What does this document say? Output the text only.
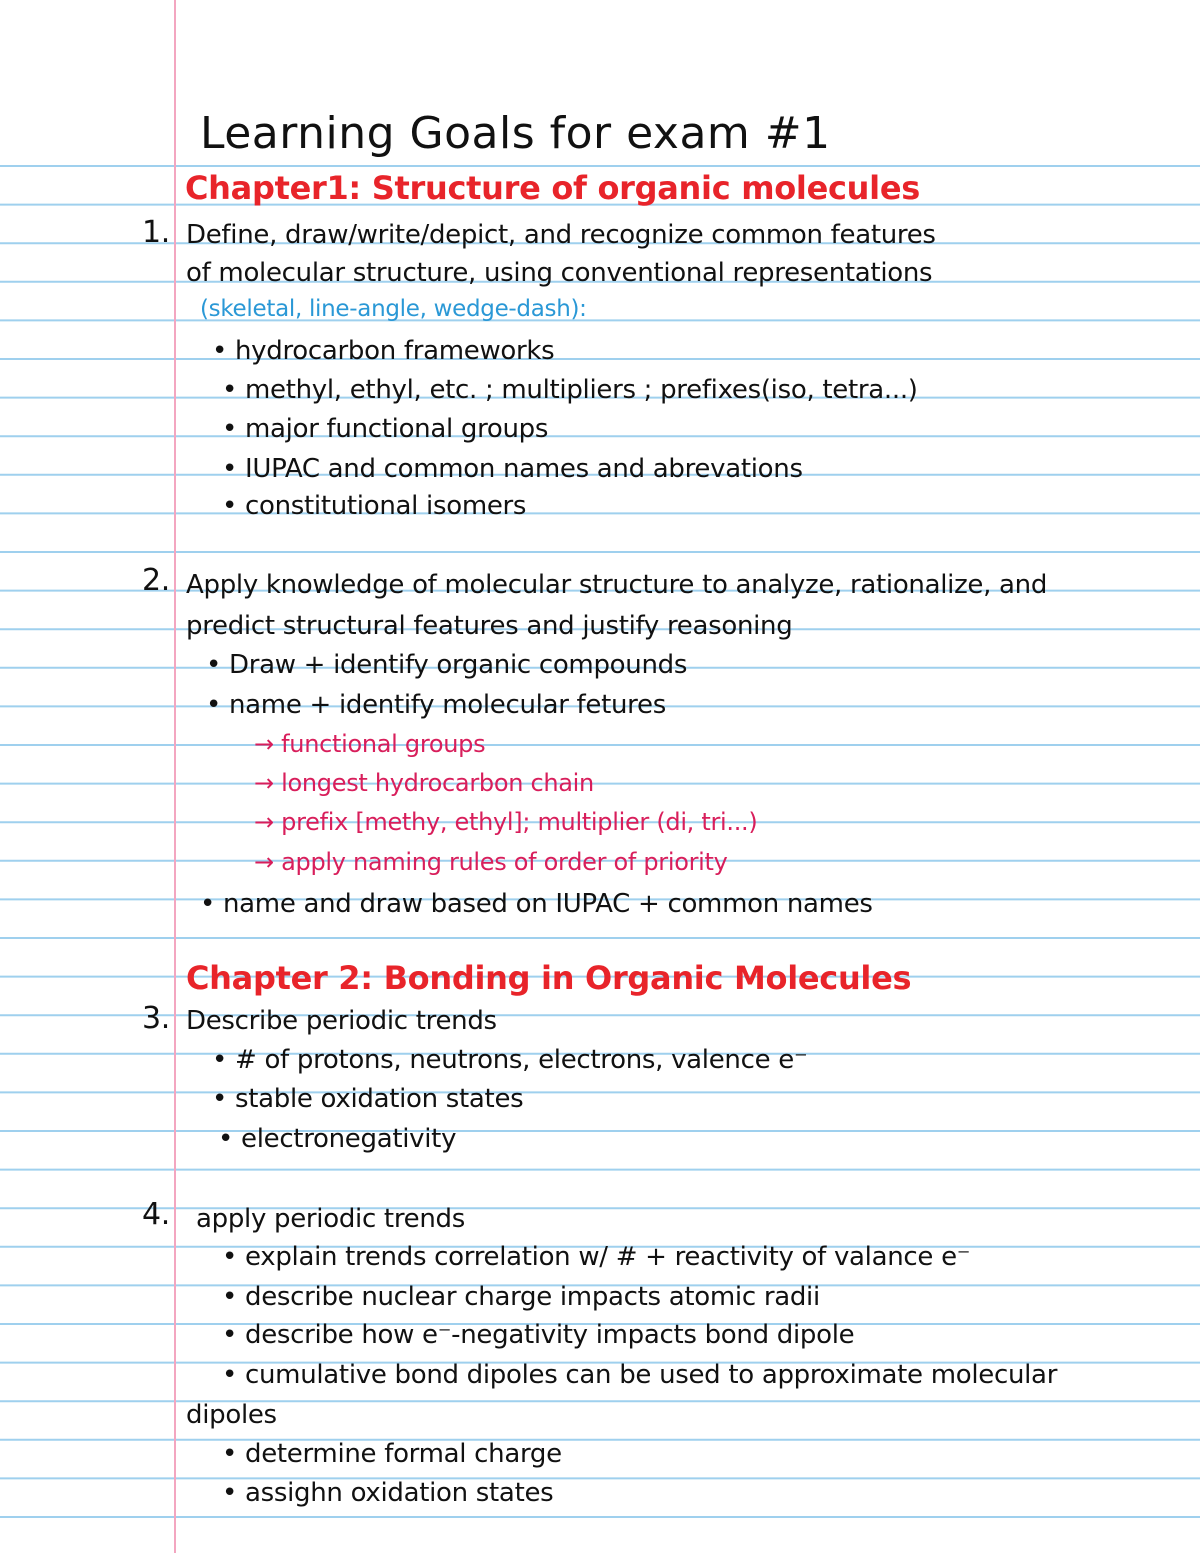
Learning Goals for exam #1
Chapter1: Structure of organic molecules
1. Define, draw/write/depict, and recognize common features
of molecular structure, using conventional representations
(skeletal, line-angle, wedge-dash):
• hydrocarbon frameworks
• methyl, ethyl, etc. ; multipliers ; prefixes(iso, tetra...)
• major functional groups
• IUPAC and common names and abrevations
• constitutional isomers
2. Apply knowledge of molecular structure to analyze, rationalize, and
predict structural features and justify reasoning
• Draw + identify organic compounds
• name + identify molecular fetures
→ functional groups
→ longest hydrocarbon chain
→ prefix [methy, ethyl]; multiplier (di, tri...)
→ apply naming rules of order of priority
• name and draw based on IUPAC + common names
Chapter 2: Bonding in Organic Molecules
3. Describe periodic trends
• # of protons, neutrons, electrons, valence e⁻
• stable oxidation states
• electronegativity
4. apply periodic trends
• explain trends correlation w/ # + reactivity of valance e⁻
• describe nuclear charge impacts atomic radii
• describe how e⁻-negativity impacts bond dipole
• cumulative bond dipoles can be used to approximate molecular
dipoles
• determine formal charge
• assighn oxidation states
